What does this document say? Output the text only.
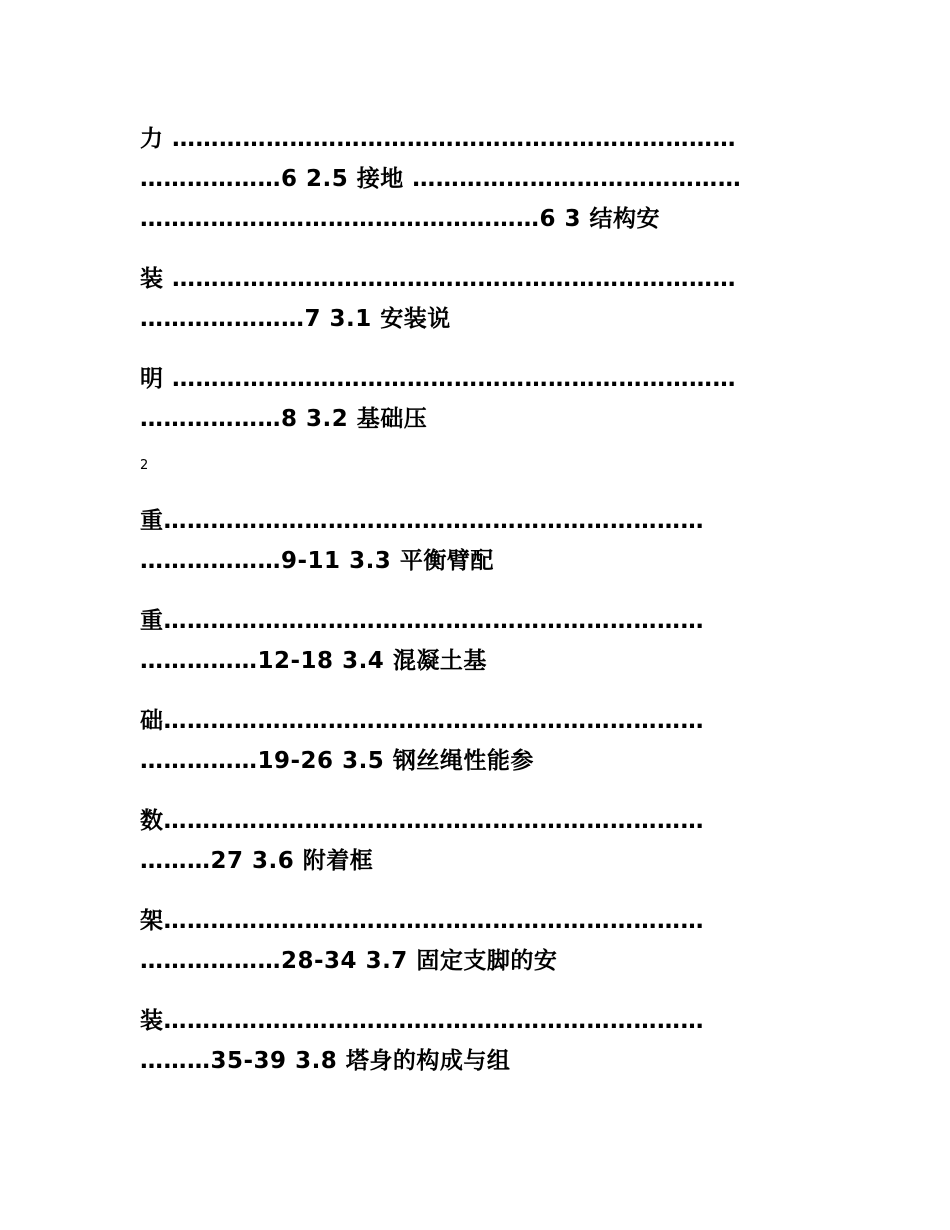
力 ………………………………………………………………
………………6 2.5 接地 ……………………………………
……………………………………………6 3 结构安
装 ………………………………………………………………
…………………7 3.1 安装说
明 ………………………………………………………………
………………8 3.2 基础压
2
重……………………………………………………………
………………9-11 3.3 平衡臂配
重……………………………………………………………
……………12-18 3.4 混凝土基
础……………………………………………………………
……………19-26 3.5 钢丝绳性能参
数……………………………………………………………
………27 3.6 附着框
架……………………………………………………………
………………28-34 3.7 固定支脚的安
装……………………………………………………………
………35-39 3.8 塔身的构成与组
